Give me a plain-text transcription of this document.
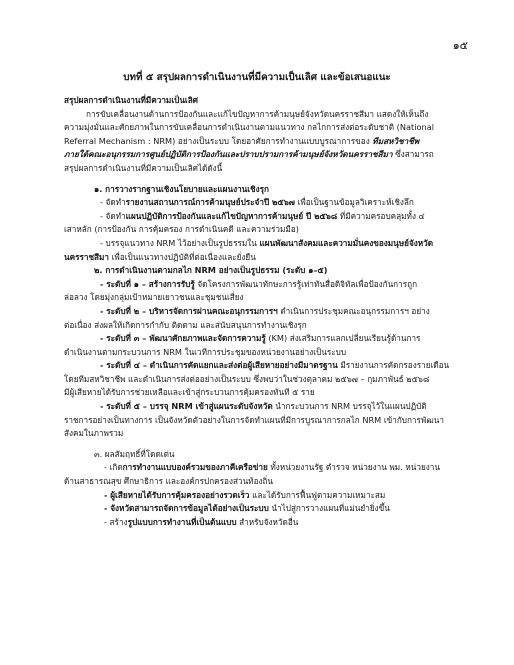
๑๕
บทที่ ๕ สรุปผลการดำเนินงานที่มีความเป็นเลิศ และข้อเสนอแนะ

สรุปผลการดำเนินงานที่มีความเป็นเลิศ

การขับเคลื่อนงานด้านการป้องกันและแก้ไขปัญหาการค้ามนุษย์จังหวัดนครราชสีมา แสดงให้เห็นถึง

ความมุ่งมั่นและศักยภาพในการขับเคลื่อนการดำเนินงานตามแนวทาง กลไกการส่งต่อระดับชาติ (National

Referral Mechanism : NRM) อย่างเป็นระบบ โดยอาศัยการทำงานแบบบูรณาการของ ทีมสหวิชาชีพ

ภายใต้คณะอนุกรรมการศูนย์ปฏิบัติการป้องกันและปราบปรามการค้ามนุษย์จังหวัดนครราชสีมา ซึ่งสามารถ

สรุปผลการดำเนินงานที่มีความเป็นเลิศได้ดังนี้

๑. การวางรากฐานเชิงนโยบายและแผนงานเชิงรุก

- จัดทำรายงานสถานการณ์การค้ามนุษย์ประจำปี ๒๕๖๗ เพื่อเป็นฐานข้อมูลวิเคราะห์เชิงลึก

- จัดทำแผนปฏิบัติการป้องกันและแก้ไขปัญหาการค้ามนุษย์ ปี ๒๕๖๘ ที่มีความครอบคลุมทั้ง ๔

เสาหลัก (การป้องกัน การคุ้มครอง การดำเนินคดี และความร่วมมือ)

- บรรจุแนวทาง NRM ไว้อย่างเป็นรูปธรรมใน แผนพัฒนาสังคมและความมั่นคงของมนุษย์จังหวัด

นครราชสีมา เพื่อเป็นแนวทางปฏิบัติที่ต่อเนื่องและยั่งยืน

๒. การดำเนินงานตามกลไก NRM อย่างเป็นรูปธรรม (ระดับ ๑–๕)

- ระดับที่ ๑ – สร้างการรับรู้ จัดโครงการพัฒนาทักษะการรู้เท่าทันสื่อดิจิทัลเพื่อป้องกันการถูก

ล่อลวง โดยมุ่งกลุ่มเป้าหมายเยาวชนและชุมชนเสี่ยง

- ระดับที่ ๒ – บริหารจัดการผ่านคณะอนุกรรมการฯ ดำเนินการประชุมคณะอนุกรรมการฯ อย่าง

ต่อเนื่อง ส่งผลให้เกิดการกำกับ ติดตาม และสนับสนุนการทำงานเชิงรุก

- ระดับที่ ๓ – พัฒนาศักยภาพและจัดการความรู้ (KM) ส่งเสริมการแลกเปลี่ยนเรียนรู้ด้านการ

ดำเนินงานตามกระบวนการ NRM ในเวทีการประชุมของหน่วยงานอย่างเป็นระบบ

- ระดับที่ ๔ – ดำเนินการคัดแยกและส่งต่อผู้เสียหายอย่างมีมาตรฐาน มีรายงานการคัดกรองรายเดือน

โดยทีมสหวิชาชีพ และดำเนินการส่งต่ออย่างเป็นระบบ ซึ่งพบว่าในช่วงตุลาคม ๒๕๖๗ – กุมภาพันธ์ ๒๕๖๘

มีผู้เสียหายได้รับการช่วยเหลือและเข้าสู่กระบวนการคุ้มครองทันที ๕ ราย

- ระดับที่ ๕ – บรรจุ NRM เข้าสู่แผนระดับจังหวัด นำกระบวนการ NRM บรรจุไว้ในแผนปฏิบัติ

ราชการอย่างเป็นทางการ เป็นจังหวัดตัวอย่างในการจัดทำแผนที่มีการบูรณาการกลไก NRM เข้ากับการพัฒนา

สังคมในภาพรวม

๓. ผลสัมฤทธิ์ที่โดดเด่น

- เกิดการทำงานแบบองค์รวมของภาคีเครือข่าย ทั้งหน่วยงานรัฐ ตำรวจ หน่วยงาน พม. หน่วยงาน

ด้านสาธารณสุข ศึกษาธิการ และองค์กรปกครองส่วนท้องถิ่น

- ผู้เสียหายได้รับการคุ้มครองอย่างรวดเร็ว และได้รับการฟื้นฟูตามความเหมาะสม

- จังหวัดสามารถจัดการข้อมูลได้อย่างเป็นระบบ นำไปสู่การวางแผนที่แม่นยำยิ่งขึ้น

- สร้างรูปแบบการทำงานที่เป็นต้นแบบ สำหรับจังหวัดอื่น
